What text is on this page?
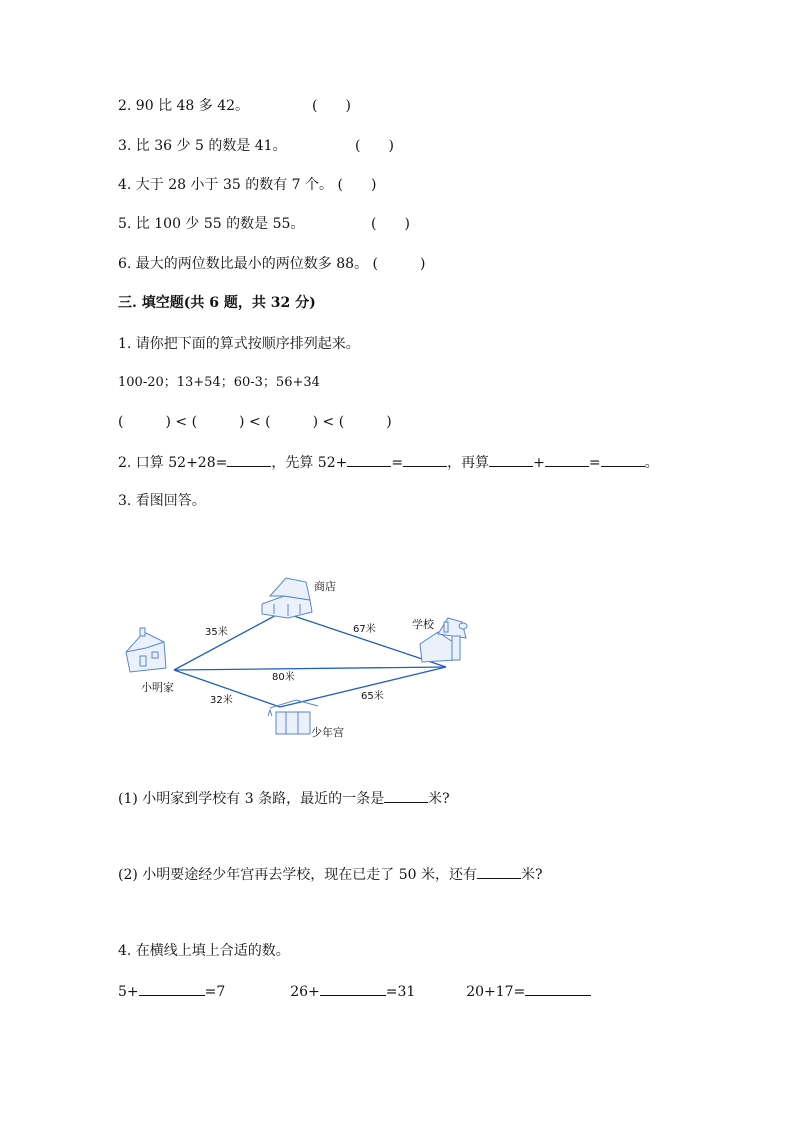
2. 90 比 48 多 42。	(　　)
3. 比 36 少 5 的数是 41。	(　　)
4. 大于 28 小于 35 的数有 7 个。 (　　)
5. 比 100 少 55 的数是 55。	(　　)
6. 最大的两位数比最小的两位数多 88。 (　　　)
三. 填空题(共 6 题，共 32 分)
1. 请你把下面的算式按顺序排列起来。
100-20；13+54；60-3；56+34
(　　　) < (　　　) < (　　　) < (　　　)
2. 口算 52+28=	，先算 52+	=	，再算	+	=	。
3. 看图回答。
小明家
商店
学校
少年宫
35米	67米
80米
32米	65米
(1) 小明家到学校有 3 条路，最近的一条是	米?
(2) 小明要途经少年宫再去学校，现在已走了 50 米，还有	米?
4. 在横线上填上合适的数。
5+	=7	26+	=31	20+17=
